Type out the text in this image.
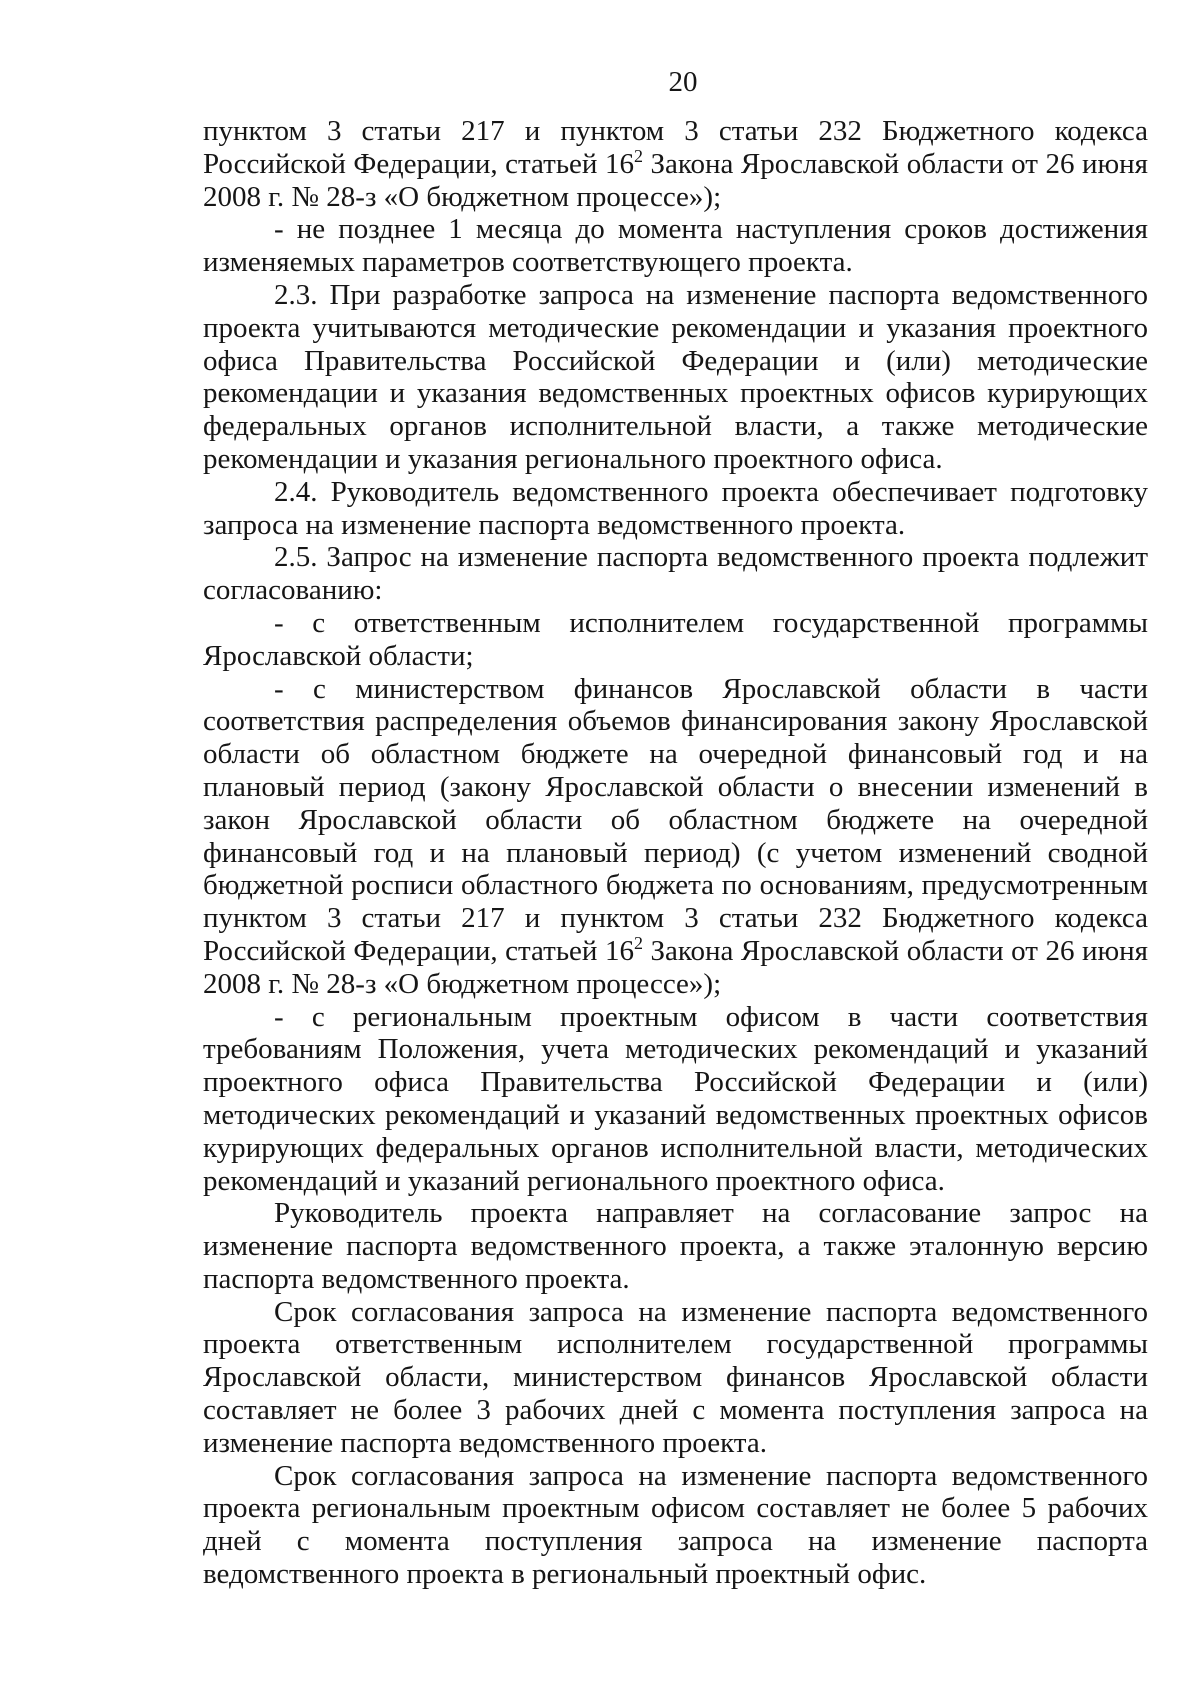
20

пунктом 3 статьи 217 и пунктом 3 статьи 232 Бюджетного кодекса Российской Федерации, статьей $16^2$ Закона Ярославской области от 26 июня 2008 г. № 28-з «О бюджетном процессе»);

- не позднее 1 месяца до момента наступления сроков достижения изменяемых параметров соответствующего проекта.

2.3. При разработке запроса на изменение паспорта ведомственного проекта учитываются методические рекомендации и указания проектного офиса Правительства Российской Федерации и (или) методические рекомендации и указания ведомственных проектных офисов курирующих федеральных органов исполнительной власти, а также методические рекомендации и указания регионального проектного офиса.

2.4. Руководитель ведомственного проекта обеспечивает подготовку запроса на изменение паспорта ведомственного проекта.

2.5. Запрос на изменение паспорта ведомственного проекта подлежит согласованию:

- с ответственным исполнителем государственной программы Ярославской области;

- с министерством финансов Ярославской области в части соответствия распределения объемов финансирования закону Ярославской области об областном бюджете на очередной финансовый год и на плановый период (закону Ярославской области о внесении изменений в закон Ярославской области об областном бюджете на очередной финансовый год и на плановый период) (с учетом изменений сводной бюджетной росписи областного бюджета по основаниям, предусмотренным пунктом 3 статьи 217 и пунктом 3 статьи 232 Бюджетного кодекса Российской Федерации, статьей $16^2$ Закона Ярославской области от 26 июня 2008 г. № 28-з «О бюджетном процессе»);

- с региональным проектным офисом в части соответствия требованиям Положения, учета методических рекомендаций и указаний проектного офиса Правительства Российской Федерации и (или) методических рекомендаций и указаний ведомственных проектных офисов курирующих федеральных органов исполнительной власти, методических рекомендаций и указаний регионального проектного офиса.

Руководитель проекта направляет на согласование запрос на изменение паспорта ведомственного проекта, а также эталонную версию паспорта ведомственного проекта.

Срок согласования запроса на изменение паспорта ведомственного проекта ответственным исполнителем государственной программы Ярославской области, министерством финансов Ярославской области составляет не более 3 рабочих дней с момента поступления запроса на изменение паспорта ведомственного проекта.

Срок согласования запроса на изменение паспорта ведомственного проекта региональным проектным офисом составляет не более 5 рабочих дней с момента поступления запроса на изменение паспорта ведомственного проекта в региональный проектный офис.
